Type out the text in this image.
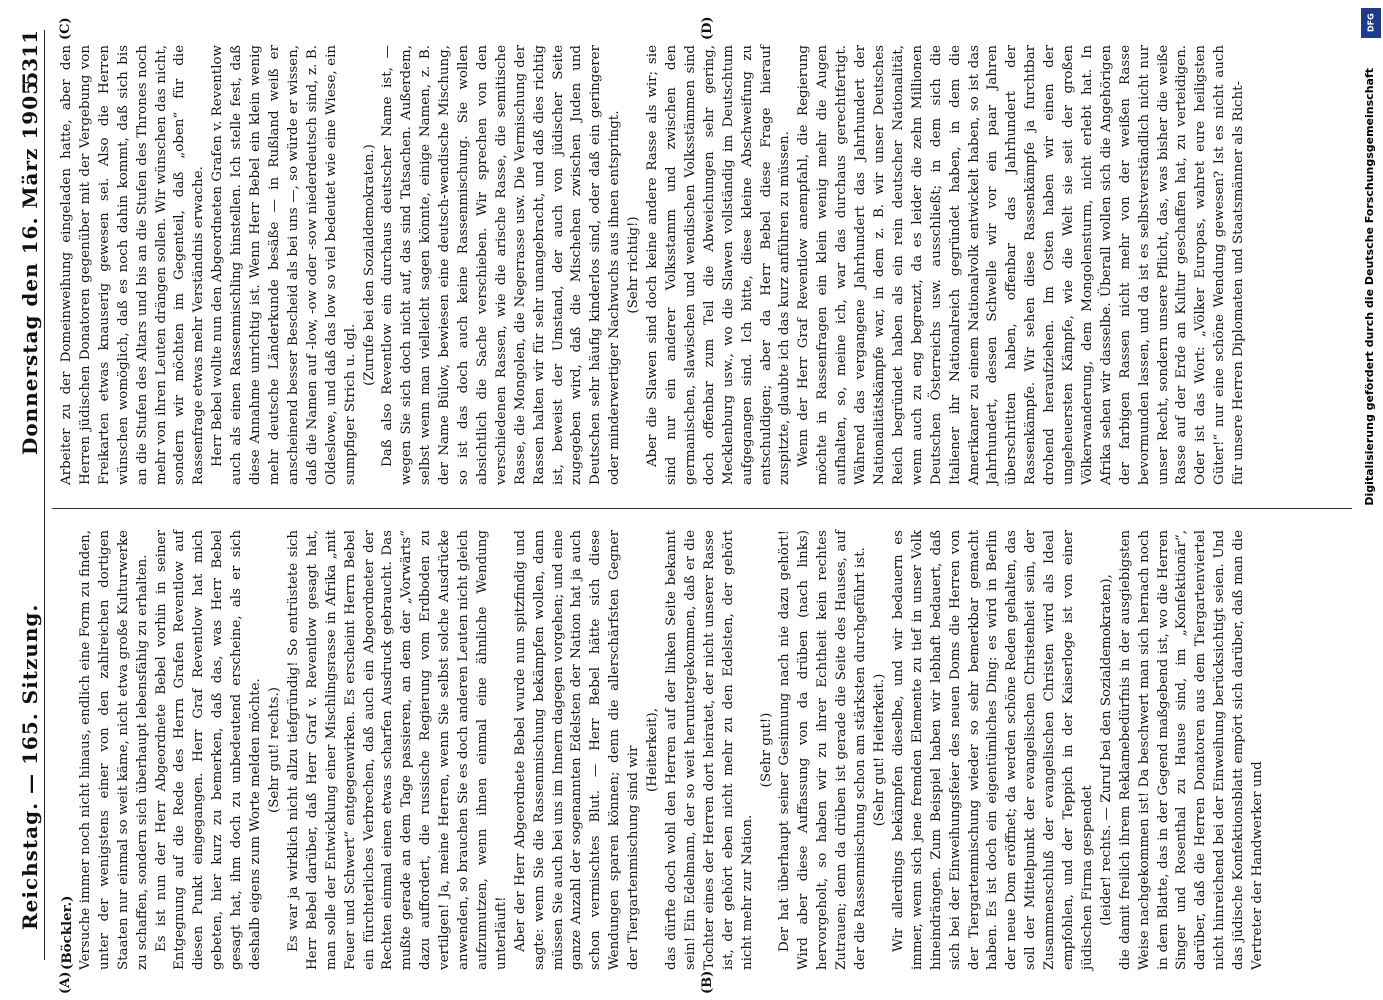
Reichstag. — 165. Sitzung.
Donnerstag den 16. März 1905.
5311
(A)	(B)
(C)	(D)

(Böckler.) Versuche immer noch nicht hinaus, endlich eine Form zu finden, unter der wenigstens einer von den zahlreichen dortigen Staaten nur einmal so weit käme, nicht etwa große Kulturwerke zu schaffen, sondern sich überhaupt lebensfähig zu erhalten. Es ist nun der Herr Abgeordnete Bebel vorhin in seiner Entgegnung auf die Rede des Herrn Grafen Reventlow auf diesen Punkt eingegangen. Herr Graf Reventlow hat mich gebeten, hier kurz zu bemerken, daß das, was Herr Bebel gesagt hat, ihm doch zu unbedeutend erscheine, als er sich deshalb eigens zum Worte melden möchte. (Sehr gut! rechts.) Es war ja wirklich nicht allzu tiefgründig! So entrüstete sich Herr Bebel darüber, daß Herr Graf v. Reventlow gesagt hat, man solle der Entwicklung einer Mischlingsrasse in Afrika „mit Feuer und Schwert“ entgegenwirken. Es erscheint Herrn Bebel ein fürchterliches Verbrechen, daß auch ein Abgeordneter der Rechten einmal einen etwas scharfen Ausdruck gebraucht. Das mußte gerade an dem Tage passieren, an dem der „Vorwärts“ dazu auffordert, die russische Regierung vom Erdboden zu vertilgen! Ja, meine Herren, wenn Sie selbst solche Ausdrücke anwenden, so brauchen Sie es doch anderen Leuten nicht gleich aufzumutzen, wenn ihnen einmal eine ähnliche Wendung unterläuft! Aber der Herr Abgeordnete Bebel wurde nun spitzfindig und sagte: wenn Sie die Rassenmischung bekämpfen wollen, dann müssen Sie auch bei uns im Innern dagegen vorgehen; und eine ganze Anzahl der sogenannten Edelsten der Nation hat ja auch schon vermischtes Blut. — Herr Bebel hätte sich diese Wendungen sparen können; denn die allerschärfsten Gegner der Tiergartenmischung sind wir (Heiterkeit), das dürfte doch wohl den Herren auf der linken Seite bekannt sein! Ein Edelmann, der so weit heruntergekommen, daß er die Tochter eines der Herren dort heiratet, der nicht unserer Rasse ist, der gehört eben nicht mehr zu den Edelsten, der gehört nicht mehr zur Nation.

(Sehr gut!) Der hat überhaupt seiner Gesinnung nach nie dazu gehört! Wird aber diese Auffassung von da drüben (nach links) hervorgeholt, so haben wir zu ihrer Echtheit kein rechtes Zutrauen; denn da drüben ist gerade die Seite des Hauses, auf der die Rassenmischung schon am stärksten durchgeführt ist. (Sehr gut! Heiterkeit.) Wir allerdings bekämpfen dieselbe, und wir bedauern es immer, wenn sich jene fremden Elemente zu tief in unser Volk hineindrängen. Zum Beispiel haben wir lebhaft bedauert, daß sich bei der Einweihungsfeier des neuen Doms die Herren von der Tiergartenmischung wieder so sehr bemerkbar gemacht haben. Es ist doch ein eigentümliches Ding: es wird in Berlin der neue Dom eröffnet; da werden schöne Reden gehalten, das soll der Mittelpunkt der evangelischen Christenheit sein, der Zusammenschluß der evangelischen Christen wird als Ideal empfohlen, und der Teppich in der Kaiserloge ist von einer jüdischen Firma gespendet (leider! rechts. — Zuruf bei den Sozialdemokraten), die damit freilich ihrem Reklamebedürfnis in der ausgiebigsten Weise nachgekommen ist! Da beschwert man sich hernach noch in dem Blatte, das in der Gegend maßgebend ist, wo die Herren Singer und Rosenthal zu Hause sind, im „Konfektionär“, darüber, daß die Herren Donatoren aus dem Tiergartenviertel nicht hinreichend bei der Einweihung berücksichtigt seien. Und das jüdische Konfektionsblatt empört sich darüber, daß man die Vertreter der Handwerker und

Arbeiter zu der Domeinweihung eingeladen hatte, aber den Herren jüdischen Donatoren gegenüber mit der Vergebung von Freikarten etwas knauserig gewesen sei. Also die Herren wünschen womöglich, daß es noch dahin kommt, daß sich bis an die Stufen des Altars und bis an die Stufen des Thrones noch mehr von ihren Leuten drängen sollen. Wir wünschen das nicht, sondern wir möchten im Gegenteil, daß „oben“ für die Rassenfrage etwas mehr Verständnis erwache. Herr Bebel wollte nun den Abgeordneten Grafen v. Reventlow auch als einen Rassenmischling hinstellen. Ich stelle fest, daß diese Annahme unrichtig ist. Wenn Herr Bebel ein klein wenig mehr deutsche Länderkunde besäße — in Rußland weiß er anscheinend besser Bescheid als bei uns —, so würde er wissen, daß die Namen auf -low, -ow oder -sow niederdeutsch sind, z. B. Oldeslowe, und daß das low so viel bedeutet wie eine Wiese, ein sumpfiger Strich u. dgl.

(Zurufe bei den Sozialdemokraten.) Daß also Reventlow ein durchaus deutscher Name ist, — wegen Sie sich doch nicht auf, das sind Tatsachen. Außerdem, selbst wenn man vielleicht sagen könnte, einige Namen, z. B. der Name Bülow, bewiesen eine deutsch-wendische Mischung, so ist das doch auch keine Rassenmischung. Sie wollen absichtlich die Sache verschieben. Wir sprechen von den verschiedenen Rassen, wie die arische Rasse, die semitische Rasse, die Mongolen, die Negerrasse usw. Die Vermischung der Rassen halten wir für sehr unangebracht, und daß dies richtig ist, beweist der Umstand, der auch von jüdischer Seite zugegeben wird, daß die Mischehen zwischen Juden und Deutschen sehr häufig kinderlos sind, oder daß ein geringerer oder minderwertiger Nachwuchs aus ihnen entspringt. (Sehr richtig!) Aber die Slawen sind doch keine andere Rasse als wir; sie sind nur ein anderer Volksstamm und zwischen den germanischen, slawischen und wendischen Volksstämmen sind doch offenbar zum Teil die Abweichungen sehr gering, Mecklenburg usw., wo die Slawen vollständig im Deutschtum aufgegangen sind. Ich bitte, diese kleine Abschweifung zu entschuldigen; aber da Herr Bebel diese Frage hierauf zuspitzte, glaubte ich das kurz anführen zu müssen. Wenn der Herr Graf Reventlow anempfahl, die Regierung möchte in Rassenfragen ein klein wenig mehr die Augen aufhalten, so, meine ich, war das durchaus gerechtfertigt. Während das vergangene Jahrhundert das Jahrhundert der Nationalitätskämpfe war, in dem z. B. wir unser Deutsches Reich begründet haben als ein rein deutscher Nationalität, wenn auch zu eng begrenzt, da es leider die zehn Millionen Deutschen Österreichs usw. ausschließt; in dem sich die Italiener ihr Nationalreich gegründet haben, in dem die Amerikaner zu einem Nationalvolk entwickelt haben, so ist das Jahrhundert, dessen Schwelle wir vor ein paar Jahren überschritten haben, offenbar das Jahrhundert der Rassenkämpfe. Wir sehen diese Rassenkämpfe ja furchtbar drohend heraufziehen. Im Osten haben wir einen der ungeheuersten Kämpfe, wie die Welt sie seit der großen Völkerwanderung, dem Mongolensturm, nicht erlebt hat. In Afrika sehen wir dasselbe. Überall wollen sich die Angehörigen der farbigen Rassen nicht mehr von der weißen Rasse bevormunden lassen, und da ist es selbstverständlich nicht nur unser Recht, sondern unsere Pflicht, das, was bisher die weiße Rasse auf der Erde an Kultur geschaffen hat, zu verteidigen. Oder ist das Wort: „Völker Europas, wahret eure heiligsten Güter!“ nur eine schöne Wendung gewesen? Ist es nicht auch für unsere Herren Diplomaten und Staatsmänner als Richt-	Digitalisierung gefördert durch die Deutsche Forschungsgemeinschaft
DFG
